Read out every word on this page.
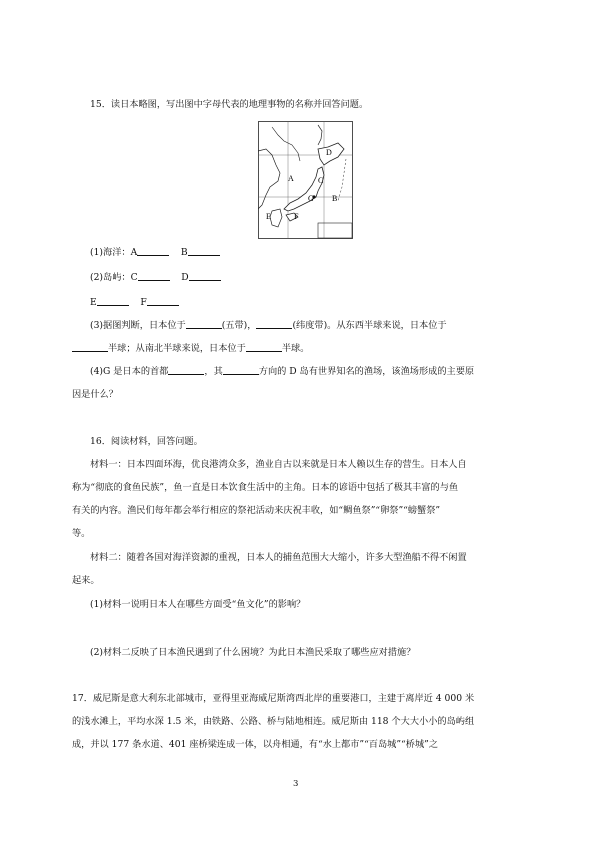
15．读日本略图，写出图中字母代表的地理事物的名称并回答问题。
D
A	C
G B
E	F
(1)海洋：A	B
(2)岛屿：C	D
E	F
(3)据图判断，日本位于	(五带)，	(纬度带)。从东西半球来说，日本位于
半球；从南北半球来说，日本位于	半球。
(4)G 是日本的首都	，其	方向的 D 岛有世界知名的渔场，该渔场形成的主要原
因是什么？
16．阅读材料，回答问题。
材料一：日本四面环海，优良港湾众多，渔业自古以来就是日本人赖以生存的营生。日本人自
称为“彻底的食鱼民族”，鱼一直是日本饮食生活中的主角。日本的谚语中包括了极其丰富的与鱼
有关的内容。渔民们每年都会举行相应的祭祀活动来庆祝丰收，如“鲷鱼祭”“卵祭”“螃蟹祭”
等。
材料二：随着各国对海洋资源的重视，日本人的捕鱼范围大大缩小，许多大型渔船不得不闲置
起来。
(1)材料一说明日本人在哪些方面受“鱼文化”的影响？
(2)材料二反映了日本渔民遇到了什么困境？为此日本渔民采取了哪些应对措施？
17．威尼斯是意大利东北部城市，亚得里亚海威尼斯湾西北岸的重要港口，主建于离岸近 4 000 米
的浅水滩上，平均水深 1.5 米，由铁路、公路、桥与陆地相连。威尼斯由 118 个大大小小的岛屿组
成，并以 177 条水道、401 座桥梁连成一体，以舟相通，有“水上都市”“百岛城”“桥城”之
3
